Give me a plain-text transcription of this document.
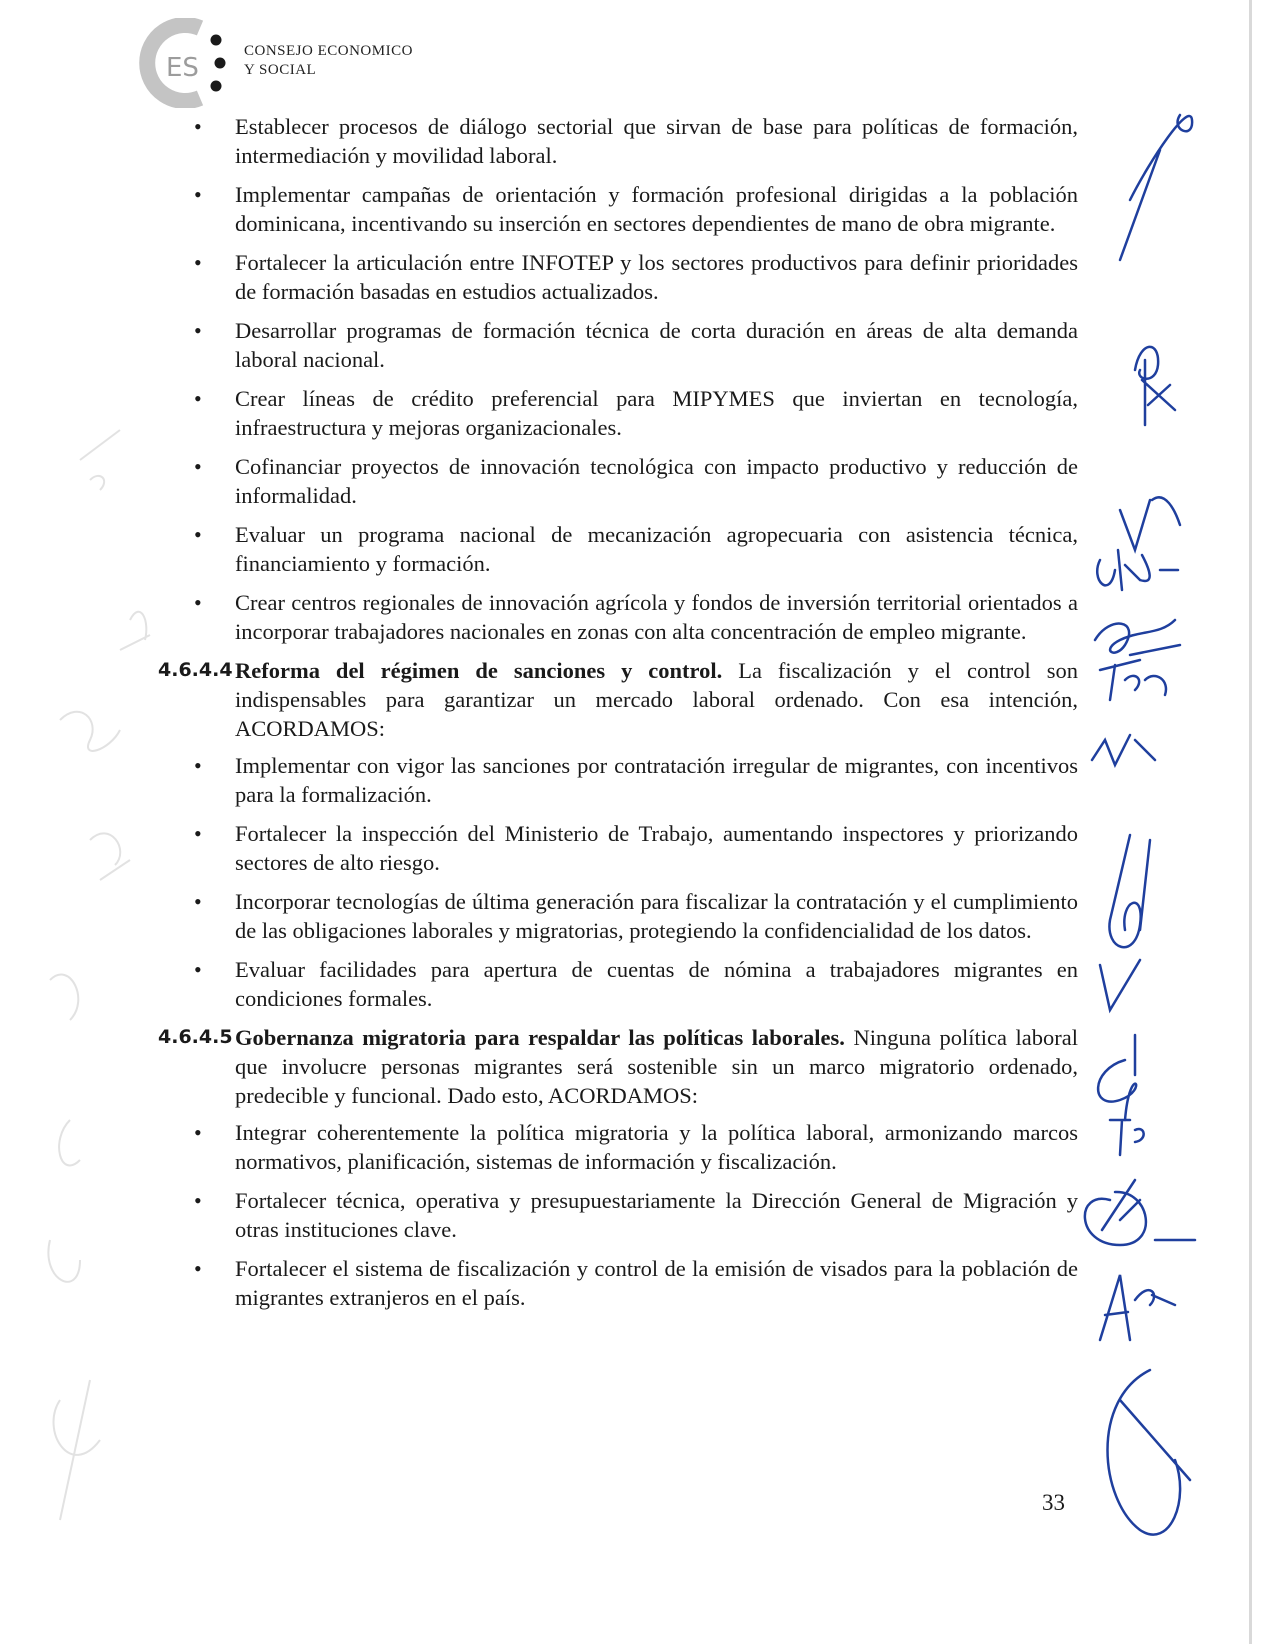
ES
CONSEJO ECONOMICO
Y SOCIAL
• Establecer procesos de diálogo sectorial que sirvan de base para políticas de formación, intermediación y movilidad laboral.
• Implementar campañas de orientación y formación profesional dirigidas a la población dominicana, incentivando su inserción en sectores dependientes de mano de obra migrante.
• Fortalecer la articulación entre INFOTEP y los sectores productivos para definir prioridades de formación basadas en estudios actualizados.
• Desarrollar programas de formación técnica de corta duración en áreas de alta demanda laboral nacional.
• Crear líneas de crédito preferencial para MIPYMES que inviertan en tecnología, infraestructura y mejoras organizacionales.
• Cofinanciar proyectos de innovación tecnológica con impacto productivo y reducción de informalidad.
• Evaluar un programa nacional de mecanización agropecuaria con asistencia técnica, financiamiento y formación.
• Crear centros regionales de innovación agrícola y fondos de inversión territorial orientados a incorporar trabajadores nacionales en zonas con alta concentración de empleo migrante.
4.6.4.4 Reforma del régimen de sanciones y control. La fiscalización y el control son indispensables para garantizar un mercado laboral ordenado. Con esa intención, ACORDAMOS:
• Implementar con vigor las sanciones por contratación irregular de migrantes, con incentivos para la formalización.
• Fortalecer la inspección del Ministerio de Trabajo, aumentando inspectores y priorizando sectores de alto riesgo.
• Incorporar tecnologías de última generación para fiscalizar la contratación y el cumplimiento de las obligaciones laborales y migratorias, protegiendo la confidencialidad de los datos.
• Evaluar facilidades para apertura de cuentas de nómina a trabajadores migrantes en condiciones formales.
4.6.4.5 Gobernanza migratoria para respaldar las políticas laborales. Ninguna política laboral que involucre personas migrantes será sostenible sin un marco migratorio ordenado, predecible y funcional. Dado esto, ACORDAMOS:
• Integrar coherentemente la política migratoria y la política laboral, armonizando marcos normativos, planificación, sistemas de información y fiscalización.
• Fortalecer técnica, operativa y presupuestariamente la Dirección General de Migración y otras instituciones clave.
• Fortalecer el sistema de fiscalización y control de la emisión de visados para la población de migrantes extranjeros en el país.
33
